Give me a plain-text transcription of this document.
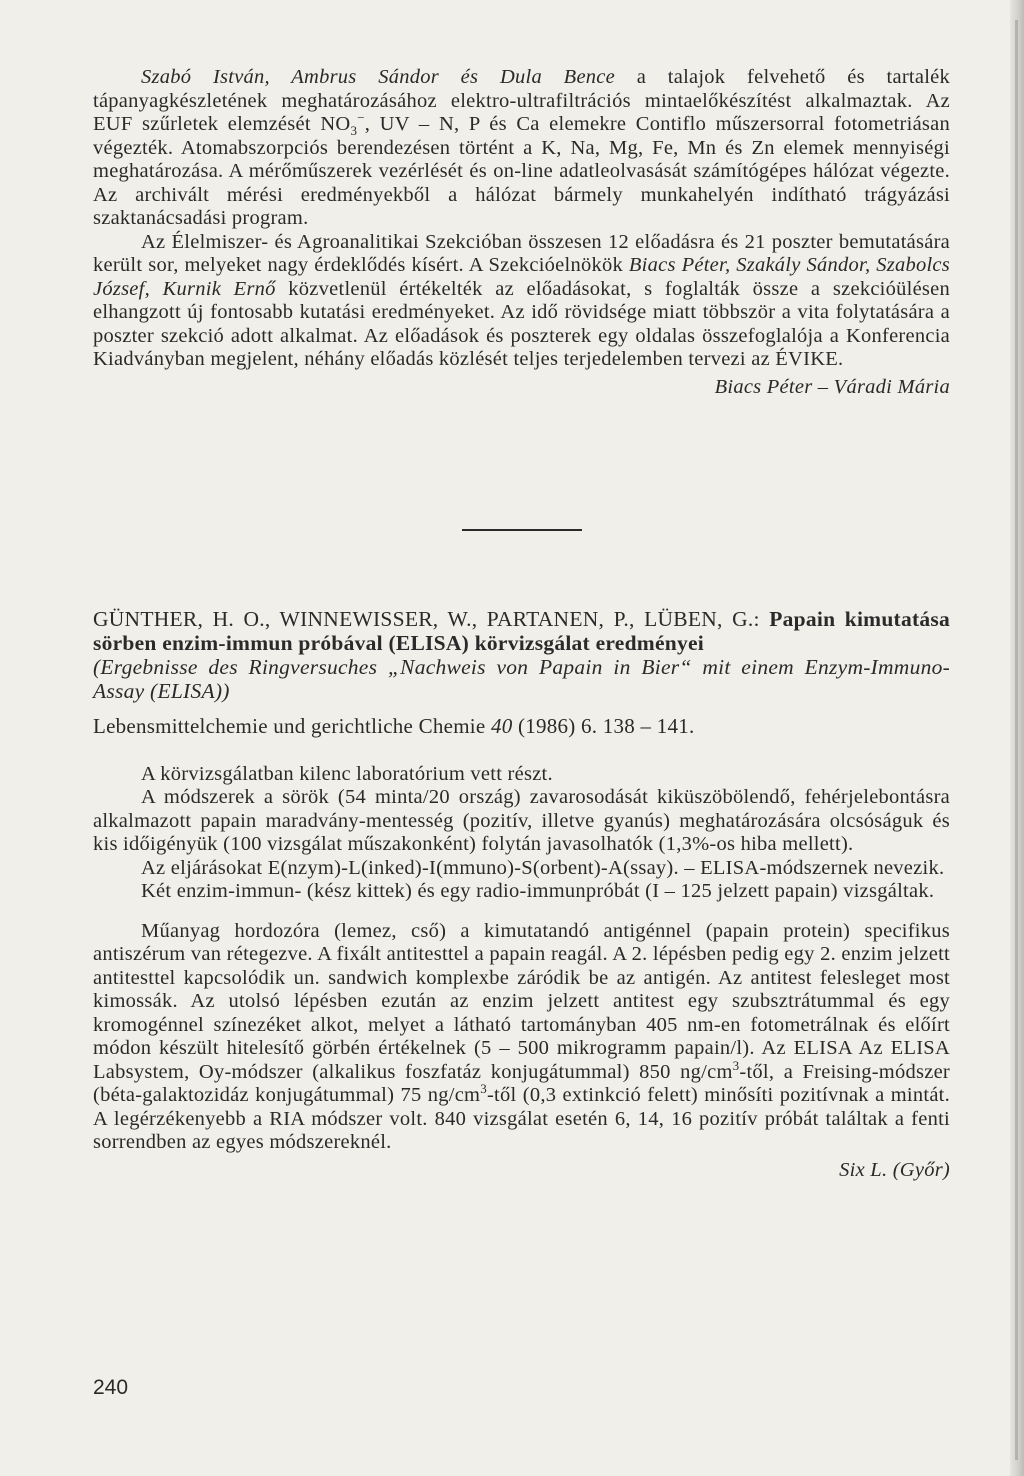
Szabó István, Ambrus Sándor és Dula Bence a talajok felvehető és tartalék tápanyagkészletének meghatározásához elektro-ultrafiltrációs mintaelőkészítést alkalmaztak. Az EUF szűrletek elemzését $NO_3^-$, UV – N, P és Ca elemekre Contiflo műszersorral fotometriásan végezték. Atomabszorpciós berendezésen történt a K, Na, Mg, Fe, Mn és Zn elemek mennyiségi meghatározása. A mérőműszerek vezérlését és on-line adatleolvasását számítógépes hálózat végezte. Az archivált mérési eredményekből a hálózat bármely munkahelyén indítható trágyázási szaktanácsadási program.

Az Élelmiszer- és Agroanalitikai Szekcióban összesen 12 előadásra és 21 poszter bemutatására került sor, melyeket nagy érdeklődés kísért. A Szekcióelnökök Biacs Péter, Szakály Sándor, Szabolcs József, Kurnik Ernő közvetlenül értékelték az előadásokat, s foglalták össze a szekcióülésen elhangzott új fontosabb kutatási eredményeket. Az idő rövidsége miatt többször a vita folytatására a poszter szekció adott alkalmat. Az előadások és poszterek egy oldalas összefoglalója a Konferencia Kiadványban megjelent, néhány előadás közlését teljes terjedelemben tervezi az ÉVIKE.

Biacs Péter – Váradi Mária

GÜNTHER, H. O., WINNEWISSER, W., PARTANEN, P., LÜBEN, G.: Papain kimutatása sörben enzim-immun próbával (ELISA) körvizsgálat eredményei

(Ergebnisse des Ringversuches „Nachweis von Papain in Bier“ mit einem Enzym-Immuno-Assay (ELISA))

Lebensmittelchemie und gerichtliche Chemie 40 (1986) 6. 138 – 141.

A körvizsgálatban kilenc laboratórium vett részt.

A módszerek a sörök (54 minta/20 ország) zavarosodását kiküszöbölendő, fehérjelebontásra alkalmazott papain maradvány-mentesség (pozitív, illetve gyanús) meghatározására olcsóságuk és kis időigényük (100 vizsgálat műszakonként) folytán javasolhatók (1,3%-os hiba mellett).

Az eljárásokat E(nzym)-L(inked)-I(mmuno)-S(orbent)-A(ssay). – ELISA-módszernek nevezik.

Két enzim-immun- (kész kittek) és egy radio-immunpróbát (I – 125 jelzett papain) vizsgáltak.

Műanyag hordozóra (lemez, cső) a kimutatandó antigénnel (papain protein) specifikus antiszérum van rétegezve. A fixált antitesttel a papain reagál. A 2. lépésben pedig egy 2. enzim jelzett antitesttel kapcsolódik un. sandwich komplexbe záródik be az antigén. Az antitest felesleget most kimossák. Az utolsó lépésben ezután az enzim jelzett antitest egy szubsztrátummal és egy kromogénnel színezéket alkot, melyet a látható tartományban 405 nm-en fotometrálnak és előírt módon készült hitelesítő görbén értékelnek (5 – 500 mikrogramm papain/l). Az ELISA Az ELISA Labsystem, Oy-módszer (alkalikus foszfatáz konjugátummal) 850 $ng/cm^3$-től, a Freising-módszer (béta-galaktozidáz konjugátummal) 75 $ng/cm^3$-től (0,3 extinkció felett) minősíti pozitívnak a mintát. A legérzékenyebb a RIA módszer volt. 840 vizsgálat esetén 6, 14, 16 pozitív próbát találtak a fenti sorrendben az egyes módszereknél.

Six L. (Győr)

240
